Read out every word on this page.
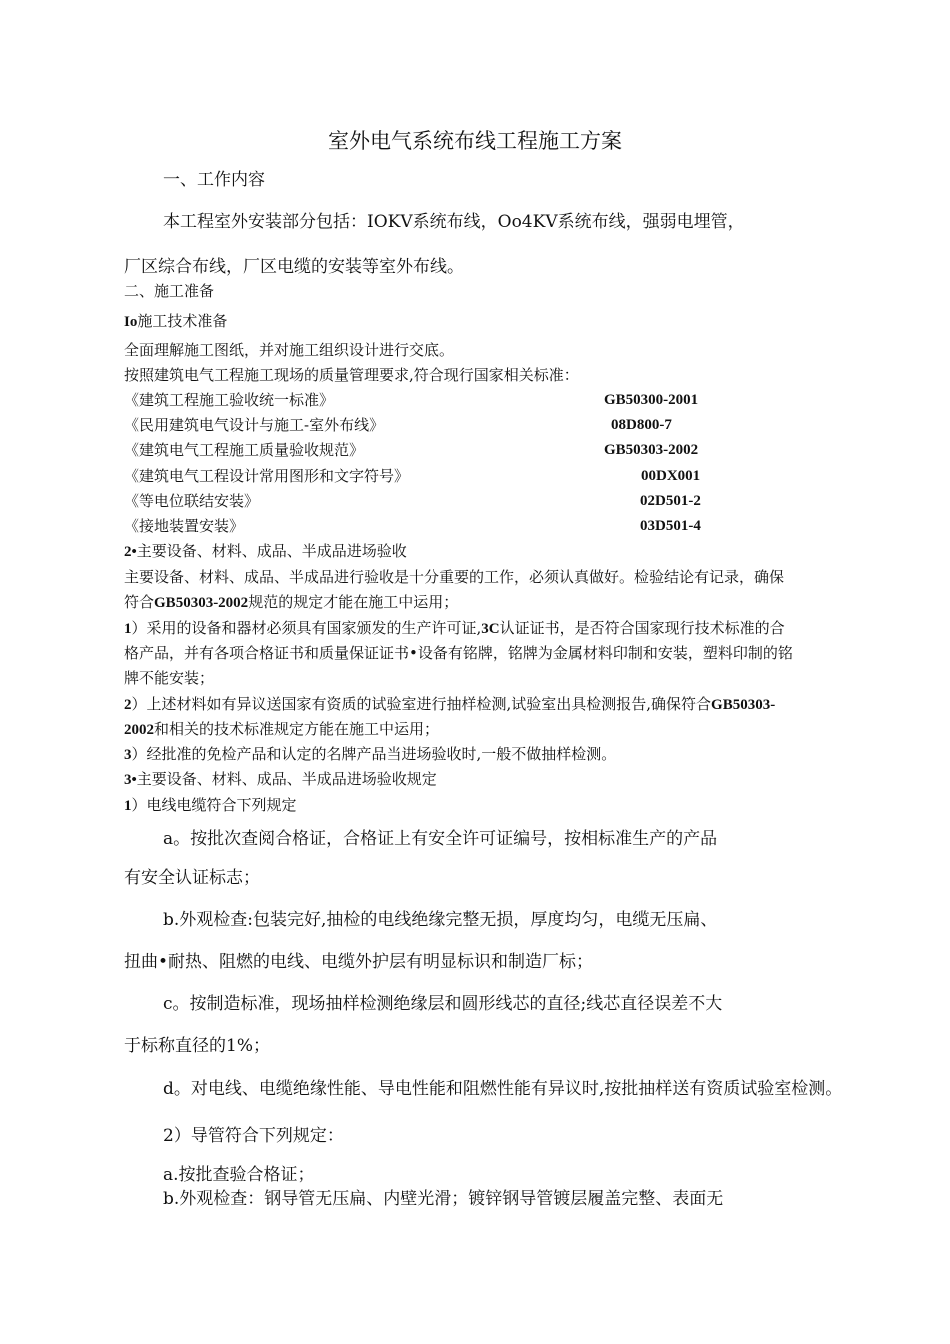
室外电气系统布线工程施工方案
一、工作内容
本工程室外安装部分包括：IOKV系统布线，Oo4KV系统布线，强弱电埋管，
厂区综合布线，厂区电缆的安装等室外布线。
二、施工准备
Io施工技术准备
全面理解施工图纸，并对施工组织设计进行交底。
按照建筑电气工程施工现场的质量管理要求,符合现行国家相关标准：
《建筑工程施工验收统一标准》	GB50300-2001
《民用建筑电气设计与施工-室外布线》	08D800-7
《建筑电气工程施工质量验收规范》	GB50303-2002
《建筑电气工程设计常用图形和文字符号》	00DX001
《等电位联结安装》	02D501-2
《接地装置安装》	03D501-4
2•主要设备、材料、成品、半成品进场验收
主要设备、材料、成品、半成品进行验收是十分重要的工作，必须认真做好。检验结论有记录，确保
符合GB50303-2002规范的规定才能在施工中运用；
1）采用的设备和器材必须具有国家颁发的生产许可证,3C认证证书，是否符合国家现行技术标准的合
格产品，并有各项合格证书和质量保证证书•设备有铭牌，铭牌为金属材料印制和安装，塑料印制的铭
牌不能安装；
2）上述材料如有异议送国家有资质的试验室进行抽样检测,试验室出具检测报告,确保符合GB50303-
2002和相关的技术标准规定方能在施工中运用；
3）经批准的免检产品和认定的名牌产品当进场验收时,一般不做抽样检测。
3•主要设备、材料、成品、半成品进场验收规定
1）电线电缆符合下列规定
a。按批次查阅合格证，合格证上有安全许可证编号，按相标准生产的产品
有安全认证标志；
b.外观检查:包装完好,抽检的电线绝缘完整无损，厚度均匀，电缆无压扁、
扭曲•耐热、阻燃的电线、电缆外护层有明显标识和制造厂标；
c。按制造标准，现场抽样检测绝缘层和圆形线芯的直径;线芯直径误差不大
于标称直径的1%；
d。对电线、电缆绝缘性能、导电性能和阻燃性能有异议时,按批抽样送有资质试验室检测。
2）导管符合下列规定：
a.按批查验合格证；
b.外观检查：钢导管无压扁、内壁光滑；镀锌钢导管镀层履盖完整、表面无
